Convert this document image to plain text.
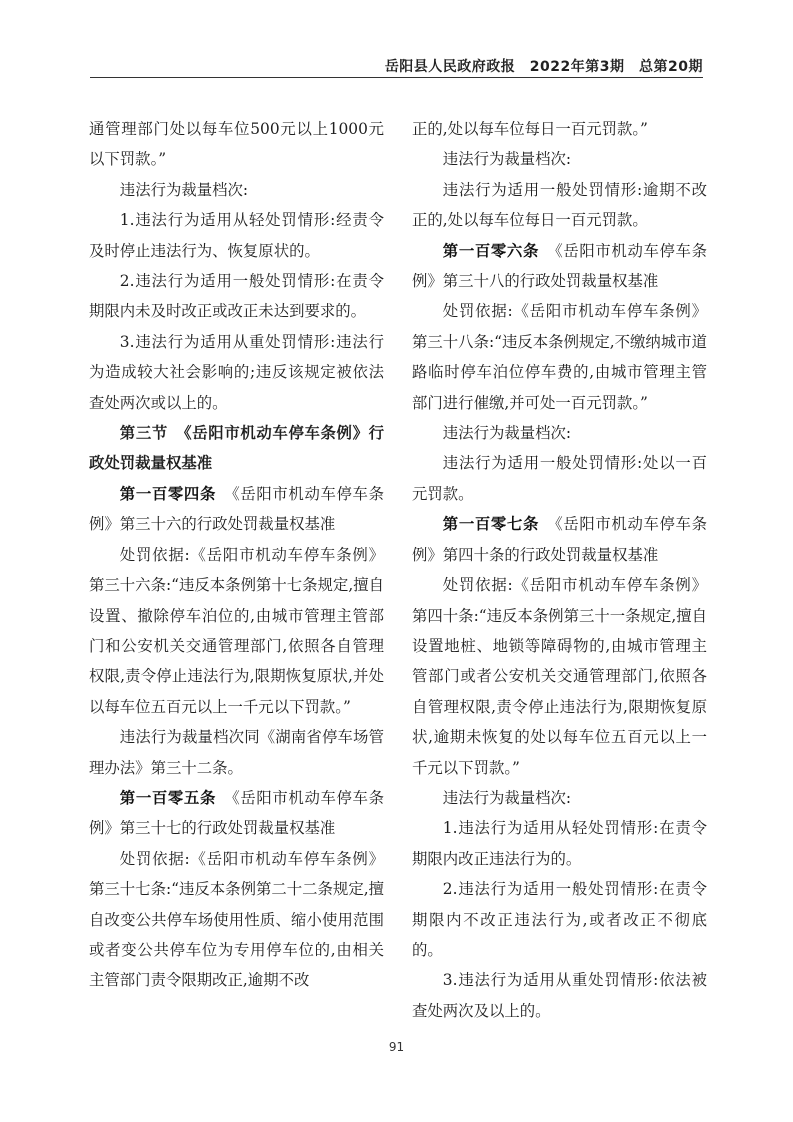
岳阳县人民政府政报　2022年第3期　总第20期

通管理部门处以每车位500元以上1000元以下罚款。”

违法行为裁量档次:

1.违法行为适用从轻处罚情形:经责令及时停止违法行为、恢复原状的。

2.违法行为适用一般处罚情形:在责令期限内未及时改正或改正未达到要求的。

3.违法行为适用从重处罚情形:违法行为造成较大社会影响的;违反该规定被依法查处两次或以上的。

第三节　《岳阳市机动车停车条例》行政处罚裁量权基准

第一百零四条　《岳阳市机动车停车条例》第三十六的行政处罚裁量权基准

处罚依据:《岳阳市机动车停车条例》第三十六条:“违反本条例第十七条规定,擅自设置、撤除停车泊位的,由城市管理主管部门和公安机关交通管理部门,依照各自管理权限,责令停止违法行为,限期恢复原状,并处以每车位五百元以上一千元以下罚款。”

违法行为裁量档次同《湖南省停车场管理办法》第三十二条。

第一百零五条　《岳阳市机动车停车条例》第三十七的行政处罚裁量权基准

处罚依据:《岳阳市机动车停车条例》第三十七条:“违反本条例第二十二条规定,擅自改变公共停车场使用性质、缩小使用范围或者变公共停车位为专用停车位的,由相关主管部门责令限期改正,逾期不改

正的,处以每车位每日一百元罚款。”

违法行为裁量档次:

违法行为适用一般处罚情形:逾期不改正的,处以每车位每日一百元罚款。

第一百零六条　《岳阳市机动车停车条例》第三十八的行政处罚裁量权基准

处罚依据:《岳阳市机动车停车条例》第三十八条:“违反本条例规定,不缴纳城市道路临时停车泊位停车费的,由城市管理主管部门进行催缴,并可处一百元罚款。”

违法行为裁量档次:

违法行为适用一般处罚情形:处以一百元罚款。

第一百零七条　《岳阳市机动车停车条例》第四十条的行政处罚裁量权基准

处罚依据:《岳阳市机动车停车条例》第四十条:“违反本条例第三十一条规定,擅自设置地桩、地锁等障碍物的,由城市管理主管部门或者公安机关交通管理部门,依照各自管理权限,责令停止违法行为,限期恢复原状,逾期未恢复的处以每车位五百元以上一千元以下罚款。”

违法行为裁量档次:

1.违法行为适用从轻处罚情形:在责令期限内改正违法行为的。

2.违法行为适用一般处罚情形:在责令期限内不改正违法行为,或者改正不彻底的。

3.违法行为适用从重处罚情形:依法被查处两次及以上的。

91
